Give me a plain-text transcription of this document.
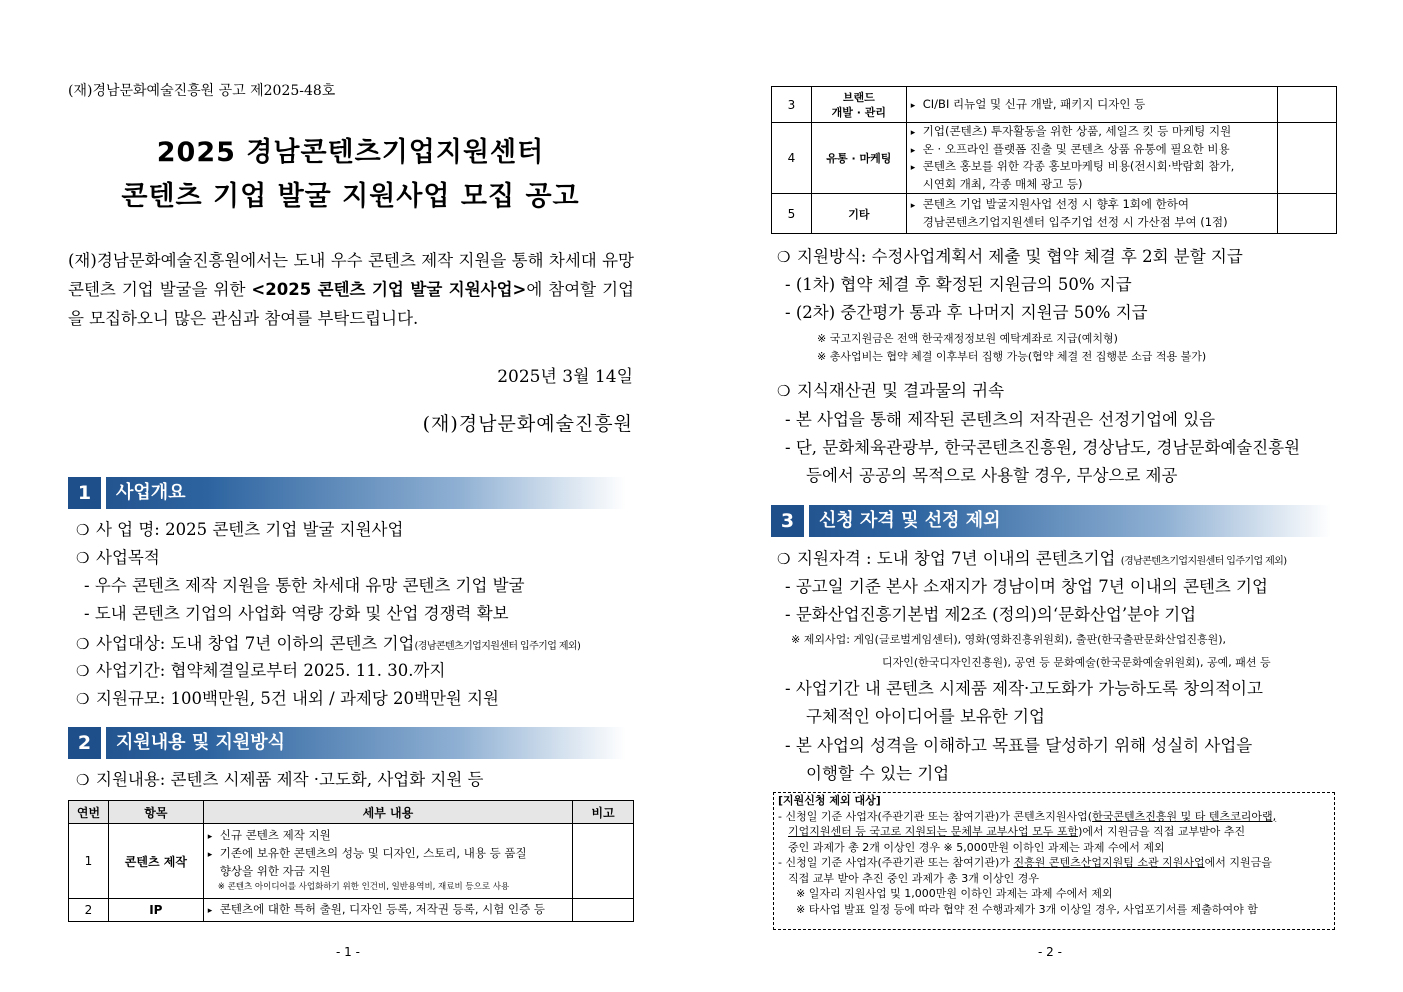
(재)경남문화예술진흥원 공고 제2025-48호
2025 경남콘텐츠기업지원센터
콘텐츠 기업 발굴 지원사업 모집 공고
(재)경남문화예술진흥원에서는 도내 우수 콘텐츠 제작 지원을 통해 차세대 유망 콘텐츠 기업 발굴을 위한 <2025 콘텐츠 기업 발굴 지원사업>에 참여할 기업을 모집하오니 많은 관심과 참여를 부탁드립니다.
2025년 3월 14일
(재)경남문화예술진흥원
1	사업개요
❍ 사 업 명: 2025 콘텐츠 기업 발굴 지원사업
❍ 사업목적
- 우수 콘텐츠 제작 지원을 통한 차세대 유망 콘텐츠 기업 발굴
- 도내 콘텐츠 기업의 사업화 역량 강화 및 산업 경쟁력 확보
❍ 사업대상: 도내 창업 7년 이하의 콘텐츠 기업(경남콘텐츠기업지원센터 입주기업 제외)
❍ 사업기간: 협약체결일로부터 2025. 11. 30.까지
❍ 지원규모: 100백만원, 5건 내외 / 과제당 20백만원 지원
2	지원내용 및 지원방식
❍ 지원내용: 콘텐츠 시제품 제작 ·고도화, 사업화 지원 등
연번	항목	세부 내용	비고
1	콘텐츠 제작	▸ 신규 콘텐츠 제작 지원
▸ 기존에 보유한 콘텐츠의 성능 및 디자인, 스토리, 내용 등 품질
향상을 위한 자금 지원
※ 콘텐츠 아이디어를 사업화하기 위한 인건비, 일반용역비, 재료비 등으로 사용

2	IP	▸ 콘텐츠에 대한 특허 출원, 디자인 등록, 저작권 등록, 시험 인증 등

- 1 -
3	브랜드
개발 · 관리	▸ CI/BI 리뉴얼 및 신규 개발, 패키지 디자인 등

4	유통 · 마케팅	▸ 기업(콘텐츠) 투자활동을 위한 상품, 세일즈 킷 등 마케팅 지원
▸ 온 · 오프라인 플랫폼 진출 및 콘텐츠 상품 유통에 필요한 비용
▸ 콘텐츠 홍보를 위한 각종 홍보마케팅 비용(전시회·박람회 참가,
시연회 개최, 각종 매체 광고 등)

5	기타	▸ 콘텐츠 기업 발굴지원사업 선정 시 향후 1회에 한하여
경남콘텐츠기업지원센터 입주기업 선정 시 가산점 부여 (1점)

❍ 지원방식: 수정사업계획서 제출 및 협약 체결 후 2회 분할 지급
- (1차) 협약 체결 후 확정된 지원금의 50% 지급
- (2차) 중간평가 통과 후 나머지 지원금 50% 지급
※ 국고지원금은 전액 한국재정정보원 예탁계좌로 지급(예치형)
※ 총사업비는 협약 체결 이후부터 집행 가능(협약 체결 전 집행분 소급 적용 불가)
❍ 지식재산권 및 결과물의 귀속
- 본 사업을 통해 제작된 콘텐츠의 저작권은 선정기업에 있음
- 단, 문화체육관광부, 한국콘텐츠진흥원, 경상남도, 경남문화예술진흥원
등에서 공공의 목적으로 사용할 경우, 무상으로 제공
3	신청 자격 및 선정 제외
❍ 지원자격 : 도내 창업 7년 이내의 콘텐츠기업 (경남콘텐츠기업지원센터 입주기업 제외)
- 공고일 기준 본사 소재지가 경남이며 창업 7년 이내의 콘텐츠 기업
- 문화산업진흥기본법 제2조 (정의)의‘문화산업’분야 기업
※ 제외사업: 게임(글로벌게임센터), 영화(영화진흥위원회), 출판(한국출판문화산업진흥원),
디자인(한국디자인진흥원), 공연 등 문화예술(한국문화예술위원회), 공예, 패션 등
- 사업기간 내 콘텐츠 시제품 제작·고도화가 가능하도록 창의적이고
구체적인 아이디어를 보유한 기업
- 본 사업의 성격을 이해하고 목표를 달성하기 위해 성실히 사업을
이행할 수 있는 기업
[지원신청 제외 대상]
- 신청일 기준 사업자(주관기관 또는 참여기관)가 콘텐츠지원사업(한국콘텐츠진흥원 및 타 텐츠코리아랩,
기업지원센터 등 국고로 지원되는 문체부 교부사업 모두 포함)에서 지원금을 직접 교부받아 추진
중인 과제가 총 2개 이상인 경우 ※ 5,000만원 이하인 과제는 과제 수에서 제외
- 신청일 기준 사업자(주관기관 또는 참여기관)가 진흥원 콘텐츠산업지원팀 소관 지원사업에서 지원금을
직접 교부 받아 추진 중인 과제가 총 3개 이상인 경우
※ 일자리 지원사업 및 1,000만원 이하인 과제는 과제 수에서 제외
※ 타사업 발표 일정 등에 따라 협약 전 수행과제가 3개 이상일 경우, 사업포기서를 제출하여야 함
- 2 -
